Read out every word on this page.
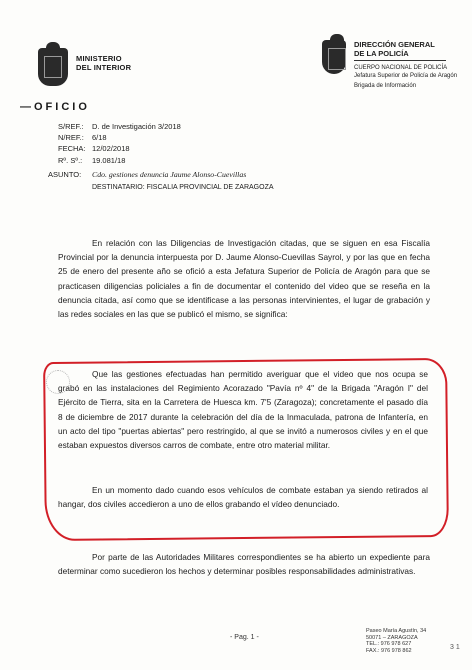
MINISTERIO
DEL INTERIOR
DIRECCIÓN GENERAL
DE LA POLICÍA
CUERPO NACIONAL DE POLICÍA
Jefatura Superior de Policía de Aragón
Brigada de Información
—OFICIO
S/REF.: D. de Investigación 3/2018
N/REF.: 6/18
FECHA: 12/02/2018
Rº. Sº.: 19.081/18
ASUNTO: Cdo. gestiones denuncia Jaume Alonso-Cuevillas
DESTINATARIO: FISCALIA PROVINCIAL DE ZARAGOZA
En relación con las Diligencias de Investigación citadas, que se siguen en esa Fiscalía Provincial por la denuncia interpuesta por D. Jaume Alonso-Cuevillas Sayrol, y por las que en fecha 25 de enero del presente año se ofició a esta Jefatura Superior de Policía de Aragón para que se practicasen diligencias policiales a fin de documentar el contenido del video que se reseña en la denuncia citada, así como que se identificase a las personas intervinientes, el lugar de grabación y las redes sociales en las que se publicó el mismo, se significa:
Que las gestiones efectuadas han permitido averiguar que el video que nos ocupa se grabó en las instalaciones del Regimiento Acorazado "Pavía nº 4" de la Brigada "Aragón I" del Ejército de Tierra, sita en la Carretera de Huesca km. 7'5 (Zaragoza); concretamente el pasado día 8 de diciembre de 2017 durante la celebración del día de la Inmaculada, patrona de Infantería, en un acto del tipo "puertas abiertas" pero restringido, al que se invitó a numerosos civiles y en el que estaban expuestos diversos carros de combate, entre otro material militar.
En un momento dado cuando esos vehículos de combate estaban ya siendo retirados al hangar, dos civiles accedieron a uno de ellos grabando el vídeo denunciado.
Por parte de las Autoridades Militares correspondientes se ha abierto un expediente para determinar como sucedieron los hechos y determinar posibles responsabilidades administrativas.
- Pag. 1 -
Paseo María Agustín, 34
50071 – ZARAGOZA
TEL.: 976 978 627
FAX.: 976 978 862	3 1
